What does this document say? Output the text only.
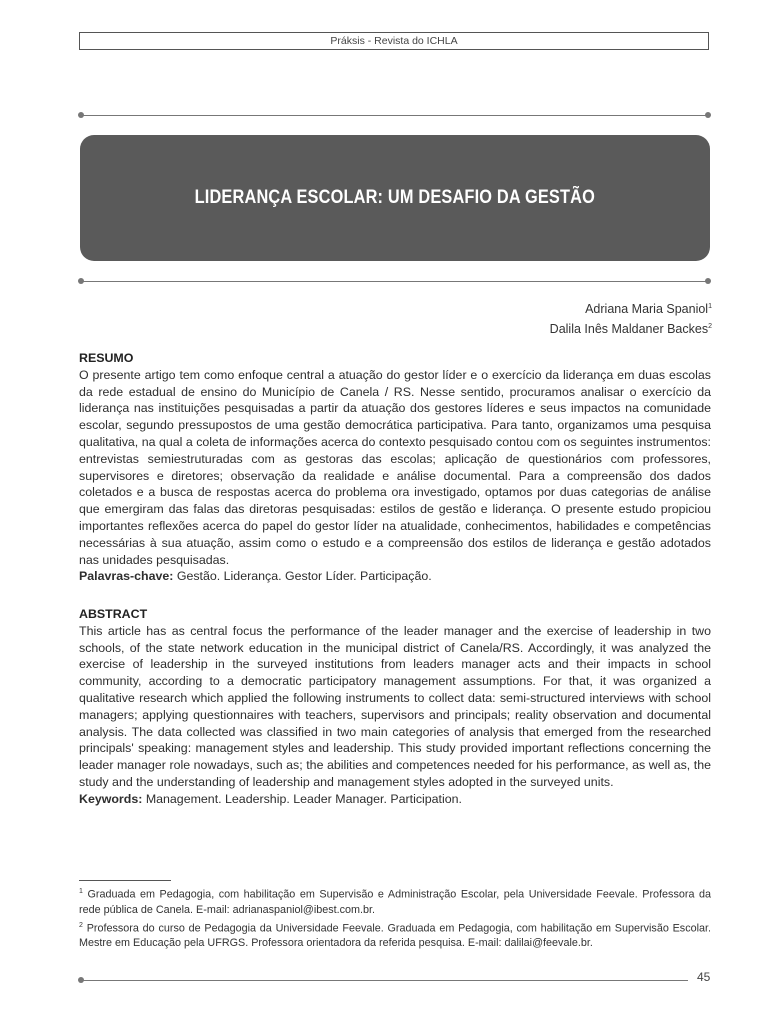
Práksis - Revista do ICHLA
LIDERANÇA ESCOLAR: UM DESAFIO DA GESTÃO
Adriana Maria Spaniol$^1$
Dalila Inês Maldaner Backes$^2$
RESUMO

O presente artigo tem como enfoque central a atuação do gestor líder e o exercício da liderança em duas escolas da rede estadual de ensino do Município de Canela / RS. Nesse sentido, procuramos analisar o exercício da liderança nas instituições pesquisadas a partir da atuação dos gestores líderes e seus impactos na comunidade escolar, segundo pressupostos de uma gestão democrática participativa. Para tanto, organizamos uma pesquisa qualitativa, na qual a coleta de informações acerca do contexto pesquisado contou com os seguintes instrumentos: entrevistas semiestruturadas com as gestoras das escolas; aplicação de questionários com professores, supervisores e diretores; observação da realidade e análise documental. Para a compreensão dos dados coletados e a busca de respostas acerca do problema ora investigado, optamos por duas categorias de análise que emergiram das falas das diretoras pesquisadas: estilos de gestão e liderança. O presente estudo propiciou importantes reflexões acerca do papel do gestor líder na atualidade, conhecimentos, habilidades e competências necessárias à sua atuação, assim como o estudo e a compreensão dos estilos de liderança e gestão adotados nas unidades pesquisadas.

Palavras-chave: Gestão. Liderança. Gestor Líder. Participação.

ABSTRACT

This article has as central focus the performance of the leader manager and the exercise of leadership in two schools, of the state network education in the municipal district of Canela/RS. Accordingly, it was analyzed the exercise of leadership in the surveyed institutions from leaders manager acts and their impacts in school community, according to a democratic participatory management assumptions. For that, it was organized a qualitative research which applied the following instruments to collect data: semi-structured interviews with school managers; applying questionnaires with teachers, supervisors and principals; reality observation and documental analysis. The data collected was classified in two main categories of analysis that emerged from the researched principals' speaking: management styles and leadership. This study provided important reflections concerning the leader manager role nowadays, such as; the abilities and competences needed for his performance, as well as, the study and the understanding of leadership and management styles adopted in the surveyed units.

Keywords: Management. Leadership. Leader Manager. Participation.

$^1$ Graduada em Pedagogia, com habilitação em Supervisão e Administração Escolar, pela Universidade Feevale. Professora da rede pública de Canela. E-mail: adrianaspaniol@ibest.com.br.

$^2$ Professora do curso de Pedagogia da Universidade Feevale. Graduada em Pedagogia, com habilitação em Supervisão Escolar. Mestre em Educação pela UFRGS. Professora orientadora da referida pesquisa. E-mail: dalilai@feevale.br.

45
